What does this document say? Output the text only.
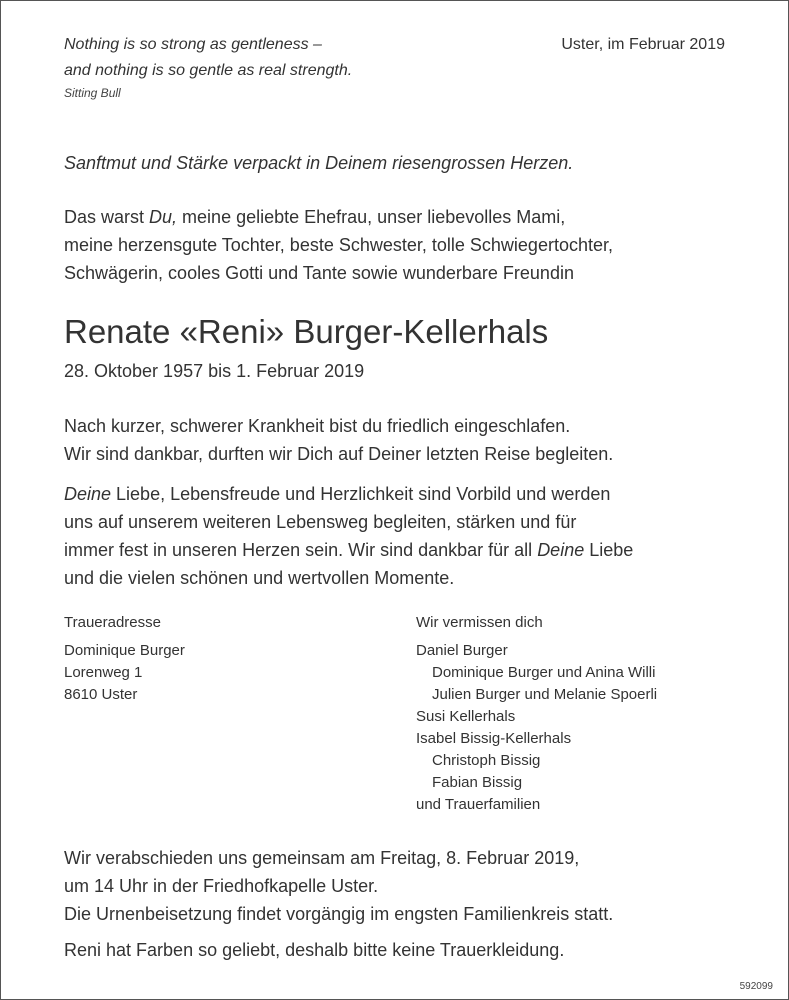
Nothing is so strong as gentleness –
and nothing is so gentle as real strength.
Sitting Bull
Uster, im Februar 2019
Sanftmut und Stärke verpackt in Deinem riesengrossen Herzen.
Das warst Du, meine geliebte Ehefrau, unser liebevolles Mami,
meine herzensgute Tochter, beste Schwester, tolle Schwiegertochter,
Schwägerin, cooles Gotti und Tante sowie wunderbare Freundin
Renate «Reni» Burger-Kellerhals
28. Oktober 1957 bis 1. Februar 2019
Nach kurzer, schwerer Krankheit bist du friedlich eingeschlafen.
Wir sind dankbar, durften wir Dich auf Deiner letzten Reise begleiten.
Deine Liebe, Lebensfreude und Herzlichkeit sind Vorbild und werden
uns auf unserem weiteren Lebensweg begleiten, stärken und für
immer fest in unseren Herzen sein. Wir sind dankbar für all Deine Liebe
und die vielen schönen und wertvollen Momente.
Traueradresse
Dominique Burger
Lorenweg 1
8610 Uster
Wir vermissen dich
Daniel Burger
Dominique Burger und Anina Willi
Julien Burger und Melanie Spoerli
Susi Kellerhals
Isabel Bissig-Kellerhals
Christoph Bissig
Fabian Bissig
und Trauerfamilien
Wir verabschieden uns gemeinsam am Freitag, 8. Februar 2019,
um 14 Uhr in der Friedhofkapelle Uster.
Die Urnenbeisetzung findet vorgängig im engsten Familienkreis statt.
Reni hat Farben so geliebt, deshalb bitte keine Trauerkleidung.
592099
